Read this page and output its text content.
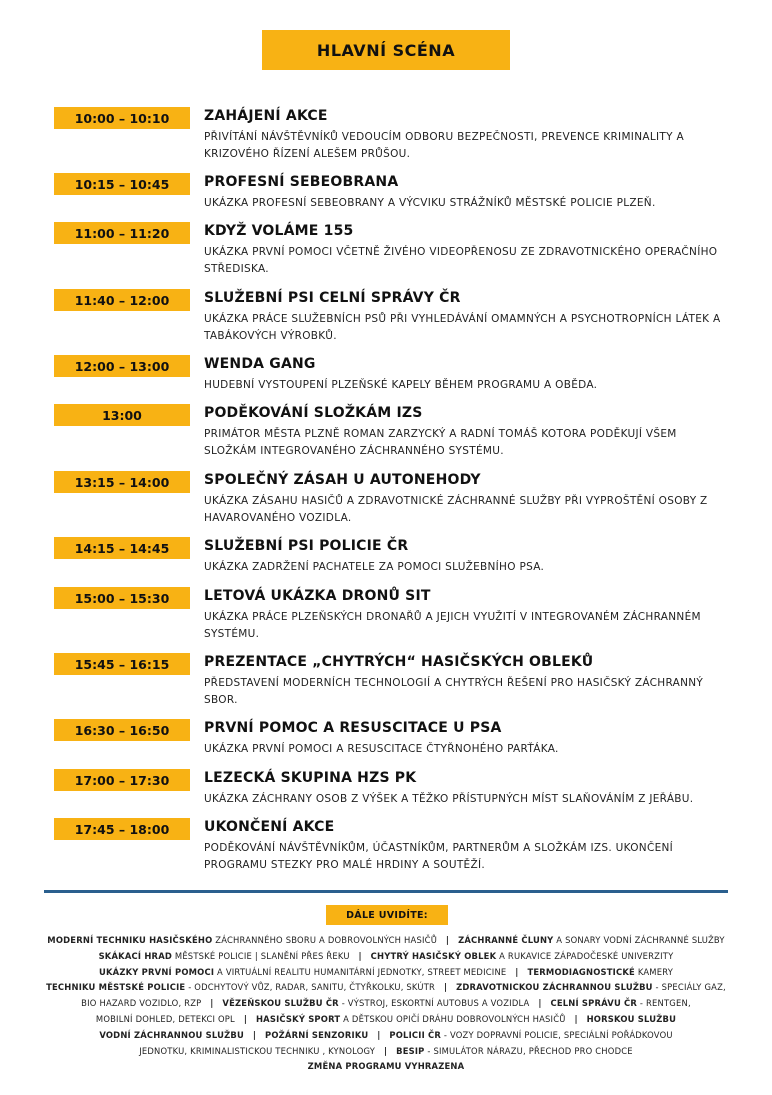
HLAVNÍ SCÉNA
10:00 – 10:10	ZAHÁJENÍ AKCE
PŘIVÍTÁNÍ NÁVŠTĚVNÍKŮ VEDOUCÍM ODBORU BEZPEČNOSTI, PREVENCE KRIMINALITY A KRIZOVÉHO ŘÍZENÍ ALEŠEM PRŮŠOU.
10:15 – 10:45	PROFESNÍ SEBEOBRANA
UKÁZKA PROFESNÍ SEBEOBRANY A VÝCVIKU STRÁŽNÍKŮ MĚSTSKÉ POLICIE PLZEŇ.
11:00 – 11:20	KDYŽ VOLÁME 155
UKÁZKA PRVNÍ POMOCI VČETNĚ ŽIVÉHO VIDEOPŘENOSU ZE ZDRAVOTNICKÉHO OPERAČNÍHO STŘEDISKA.
11:40 – 12:00	SLUŽEBNÍ PSI CELNÍ SPRÁVY ČR
UKÁZKA PRÁCE SLUŽEBNÍCH PSŮ PŘI VYHLEDÁVÁNÍ OMAMNÝCH A PSYCHOTROPNÍCH LÁTEK A TABÁKOVÝCH VÝROBKŮ.
12:00 – 13:00	WENDA GANG
HUDEBNÍ VYSTOUPENÍ PLZEŇSKÉ KAPELY BĚHEM PROGRAMU A OBĚDA.
13:00	PODĚKOVÁNÍ SLOŽKÁM IZS
PRIMÁTOR MĚSTA PLZNĚ ROMAN ZARZYCKÝ A RADNÍ TOMÁŠ KOTORA PODĚKUJÍ VŠEM SLOŽKÁM INTEGROVANÉHO ZÁCHRANNÉHO SYSTÉMU.
13:15 – 14:00	SPOLEČNÝ ZÁSAH U AUTONEHODY
UKÁZKA ZÁSAHU HASIČŮ A ZDRAVOTNICKÉ ZÁCHRANNÉ SLUŽBY PŘI VYPROŠTĚNÍ OSOBY Z HAVAROVANÉHO VOZIDLA.
14:15 – 14:45	SLUŽEBNÍ PSI POLICIE ČR
UKÁZKA ZADRŽENÍ PACHATELE ZA POMOCI SLUŽEBNÍHO PSA.
15:00 – 15:30	LETOVÁ UKÁZKA DRONŮ SIT
UKÁZKA PRÁCE PLZEŇSKÝCH DRONAŘŮ A JEJICH VYUŽITÍ V INTEGROVANÉM ZÁCHRANNÉM SYSTÉMU.
15:45 – 16:15	PREZENTACE „CHYTRÝCH“ HASIČSKÝCH OBLEKŮ
PŘEDSTAVENÍ MODERNÍCH TECHNOLOGIÍ A CHYTRÝCH ŘEŠENÍ PRO HASIČSKÝ ZÁCHRANNÝ SBOR.
16:30 – 16:50	PRVNÍ POMOC A RESUSCITACE U PSA
UKÁZKA PRVNÍ POMOCI A RESUSCITACE ČTYŘNOHÉHO PARŤÁKA.
17:00 – 17:30	LEZECKÁ SKUPINA HZS PK
UKÁZKA ZÁCHRANY OSOB Z VÝŠEK A TĚŽKO PŘÍSTUPNÝCH MÍST SLAŇOVÁNÍM Z JEŘÁBU.
17:45 – 18:00	UKONČENÍ AKCE
PODĚKOVÁNÍ NÁVŠTĚVNÍKŮM, ÚČASTNÍKŮM, PARTNERŮM A SLOŽKÁM IZS. UKONČENÍ PROGRAMU STEZKY PRO MALÉ HRDINY A SOUTĚŽÍ.
DÁLE UVIDÍTE:
MODERNÍ TECHNIKU HASIČSKÉHO ZÁCHRANNÉHO SBORU A DOBROVOLNÝCH HASIČŮ | ZÁCHRANNÉ ČLUNY A SONARY VODNÍ ZÁCHRANNÉ SLUŽBY
SKÁKACÍ HRAD MĚSTSKÉ POLICIE | SLANĚNÍ PŘES ŘEKU | CHYTRÝ HASIČSKÝ OBLEK A RUKAVICE ZÁPADOČESKÉ UNIVERZITY
UKÁZKY PRVNÍ POMOCI A VIRTUÁLNÍ REALITU HUMANITÁRNÍ JEDNOTKY, STREET MEDICINE | TERMODIAGNOSTICKÉ KAMERY
TECHNIKU MĚSTSKÉ POLICIE - ODCHYTOVÝ VŮZ, RADAR, SANITU, ČTYŘKOLKU, SKÚTR | ZDRAVOTNICKOU ZÁCHRANNOU SLUŽBU - SPECIÁLY GAZ,
BIO HAZARD VOZIDLO, RZP | VĚZEŇSKOU SLUŽBU ČR - VÝSTROJ, ESKORTNÍ AUTOBUS A VOZIDLA | CELNÍ SPRÁVU ČR - RENTGEN,
MOBILNÍ DOHLED, DETEKCI OPL | HASIČSKÝ SPORT A DĚTSKOU OPIČÍ DRÁHU DOBROVOLNÝCH HASIČŮ | HORSKOU SLUŽBU
VODNÍ ZÁCHRANNOU SLUŽBU | POŽÁRNÍ SENZORIKU | POLICII ČR - VOZY DOPRAVNÍ POLICIE, SPECIÁLNÍ POŘÁDKOVOU
JEDNOTKU, KRIMINALISTICKOU TECHNIKU , KYNOLOGY | BESIP - SIMULÁTOR NÁRAZU, PŘECHOD PRO CHODCE
ZMĚNA PROGRAMU VYHRAZENA
